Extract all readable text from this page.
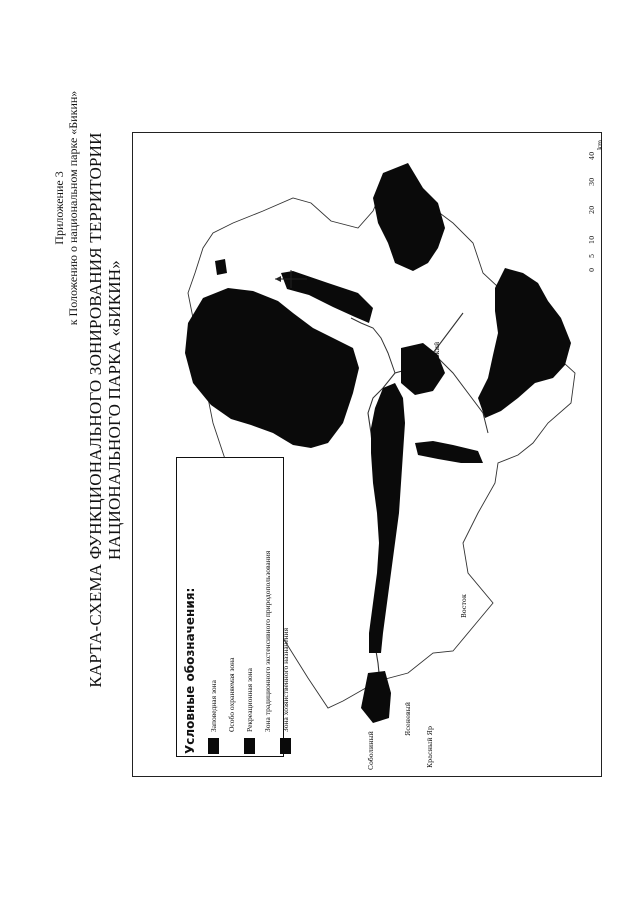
Приложение 3 к Положению о национальном парке «Бикин» КАРТА-СХЕМА ФУНКЦИОНАЛЬНОГО ЗОНИРОВАНИЯ ТЕРРИТОРИИ НАЦИОНАЛЬНОГО ПАРКА «БИКИН»
Соболиный
Ясеневый
Красный Яр
Восток
ский
0
5
10
20
30
40
km
Условные обозначения: Заповедная зона Особо охраняемая зона Рекреационная зона Зона традиционного экстенсивного природопользования Зона хозяйственного назначения
